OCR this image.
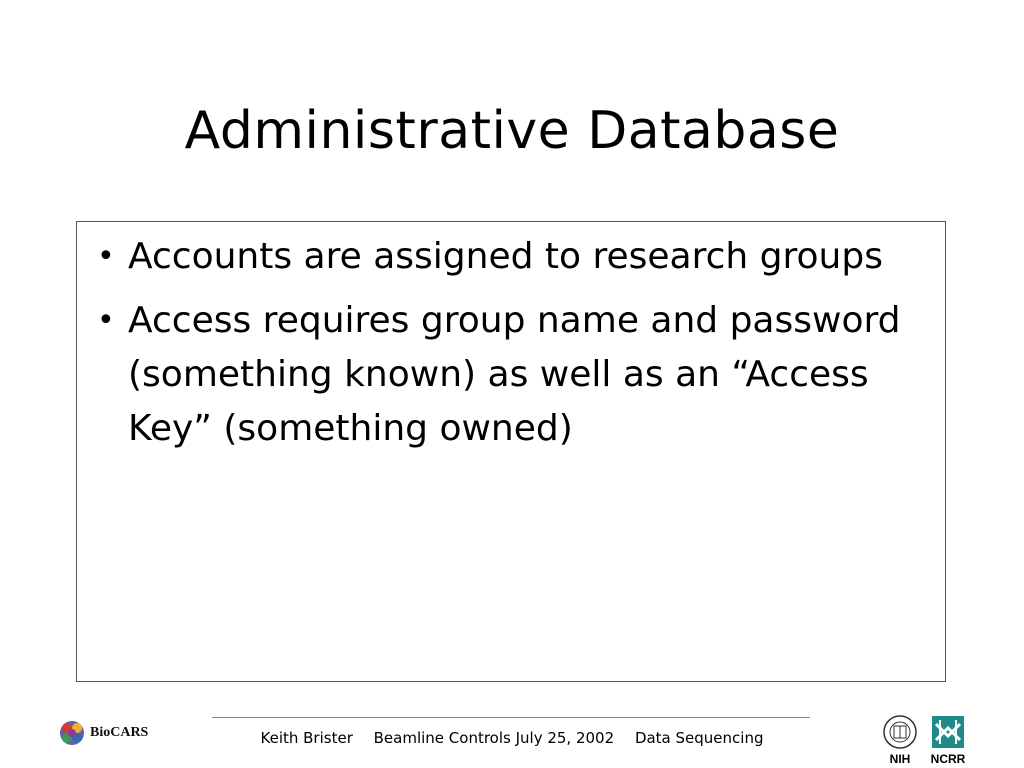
Administrative Database
• Accounts are assigned to research groups
• Access requires group name and password (something known) as well as an “Access Key” (something owned)
BioCARS	Keith Brister Beamline Controls July 25, 2002 Data Sequencing
NIH	NCRR
